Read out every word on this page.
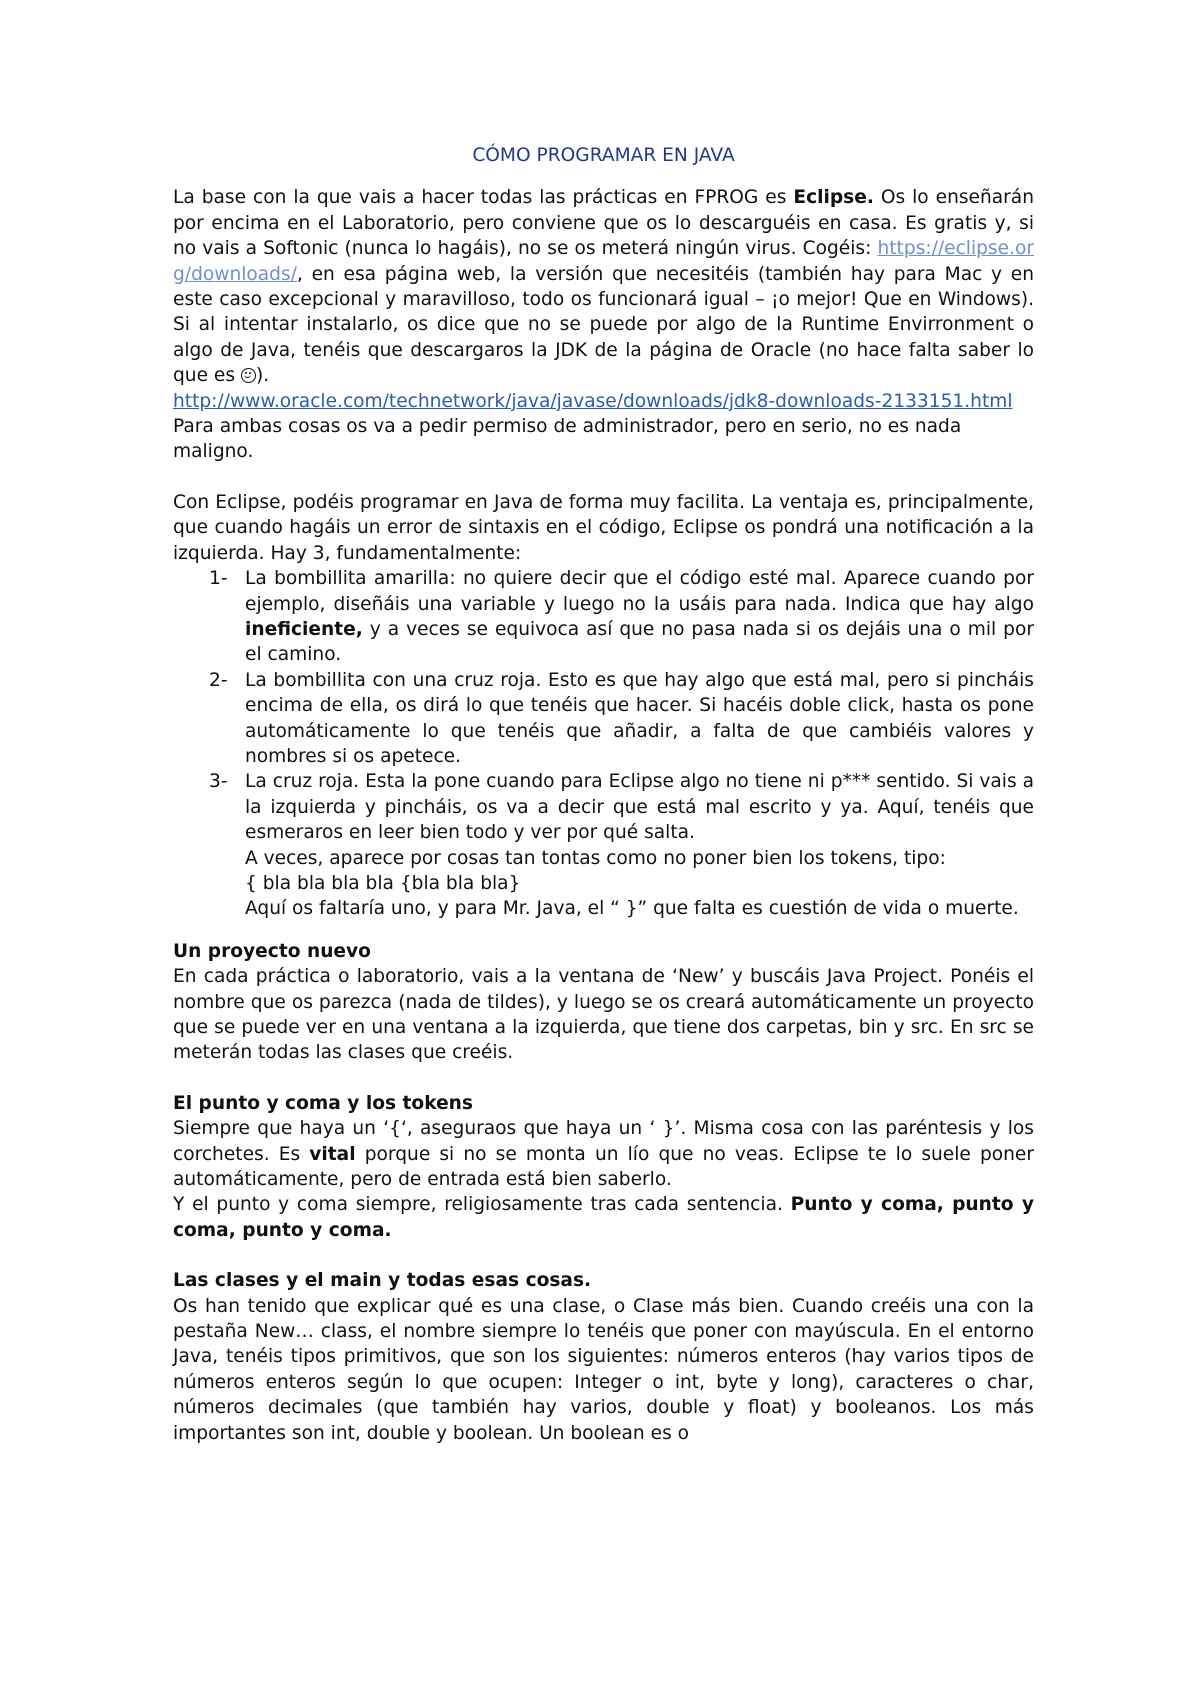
CÓMO PROGRAMAR EN JAVA

La base con la que vais a hacer todas las prácticas en FPROG es Eclipse. Os lo enseñarán por encima en el Laboratorio, pero conviene que os lo descarguéis en casa. Es gratis y, si no vais a Softonic (nunca lo hagáis), no se os meterá ningún virus. Cogéis: https://eclipse.org/downloads/, en esa página web, la versión que necesitéis (también hay para Mac y en este caso excepcional y maravilloso, todo os funcionará igual – ¡o mejor! Que en Windows). Si al intentar instalarlo, os dice que no se puede por algo de la Runtime Envirronment o algo de Java, tenéis que descargaros la JDK de la página de Oracle (no hace falta saber lo que es ).
http://www.oracle.com/technetwork/java/javase/downloads/jdk8-downloads-2133151.html

Para ambas cosas os va a pedir permiso de administrador, pero en serio, no es nada maligno.

Con Eclipse, podéis programar en Java de forma muy facilita. La ventaja es, principalmente, que cuando hagáis un error de sintaxis en el código, Eclipse os pondrá una notificación a la izquierda. Hay 3, fundamentalmente:

1- La bombillita amarilla: no quiere decir que el código esté mal. Aparece cuando por ejemplo, diseñáis una variable y luego no la usáis para nada. Indica que hay algo ineficiente, y a veces se equivoca así que no pasa nada si os dejáis una o mil por el camino.
2- La bombillita con una cruz roja. Esto es que hay algo que está mal, pero si pincháis encima de ella, os dirá lo que tenéis que hacer. Si hacéis doble click, hasta os pone automáticamente lo que tenéis que añadir, a falta de que cambiéis valores y nombres si os apetece.
3- La cruz roja. Esta la pone cuando para Eclipse algo no tiene ni p*** sentido. Si vais a la izquierda y pincháis, os va a decir que está mal escrito y ya. Aquí, tenéis que esmeraros en leer bien todo y ver por qué salta.
A veces, aparece por cosas tan tontas como no poner bien los tokens, tipo:
{ bla bla bla bla {bla bla bla}
Aquí os faltaría uno, y para Mr. Java, el “ }” que falta es cuestión de vida o muerte.
Un proyecto nuevo

En cada práctica o laboratorio, vais a la ventana de ‘New’ y buscáis Java Project. Ponéis el nombre que os parezca (nada de tildes), y luego se os creará automáticamente un proyecto que se puede ver en una ventana a la izquierda, que tiene dos carpetas, bin y src. En src se meterán todas las clases que creéis.

El punto y coma y los tokens

Siempre que haya un ‘{‘, aseguraos que haya un ‘ }’. Misma cosa con las paréntesis y los corchetes. Es vital porque si no se monta un lío que no veas. Eclipse te lo suele poner automáticamente, pero de entrada está bien saberlo.
Y el punto y coma siempre, religiosamente tras cada sentencia. Punto y coma, punto y coma, punto y coma.

Las clases y el main y todas esas cosas.

Os han tenido que explicar qué es una clase, o Clase más bien. Cuando creéis una con la pestaña New… class, el nombre siempre lo tenéis que poner con mayúscula. En el entorno Java, tenéis tipos primitivos, que son los siguientes: números enteros (hay varios tipos de números enteros según lo que ocupen: Integer o int, byte y long), caracteres o char, números decimales (que también hay varios, double y float) y booleanos. Los más importantes son int, double y boolean. Un boolean es o
